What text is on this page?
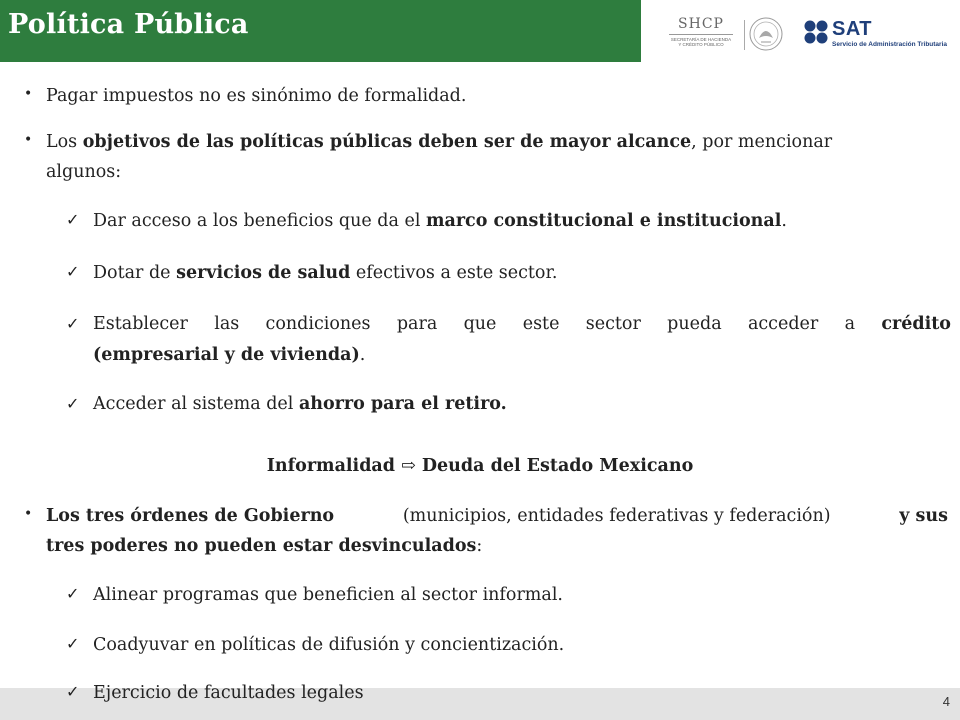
Política Pública	SHCP
SECRETARÍA DE HACIENDA
Y CRÉDITO PÚBLICO
SAT
Servicio de Administración Tributaria
• Pagar impuestos no es sinónimo de formalidad.
• Los objetivos de las políticas públicas deben ser de mayor alcance, por mencionar
algunos:
✓ Dar acceso a los beneficios que da el marco constitucional e institucional.
✓ Dotar de servicios de salud efectivos a este sector.
✓ Establecer las condiciones para que este sector pueda acceder a crédito
(empresarial y de vivienda).
✓ Acceder al sistema del ahorro para el retiro.
Informalidad ⇨ Deuda del Estado Mexicano
• Los tres órdenes de Gobierno	(municipios, entidades federativas y federación)	y sus
tres poderes no pueden estar desvinculados:
✓ Alinear programas que beneficien al sector informal.
✓ Coadyuvar en políticas de difusión y concientización.
✓ Ejercicio de facultades legales	4
